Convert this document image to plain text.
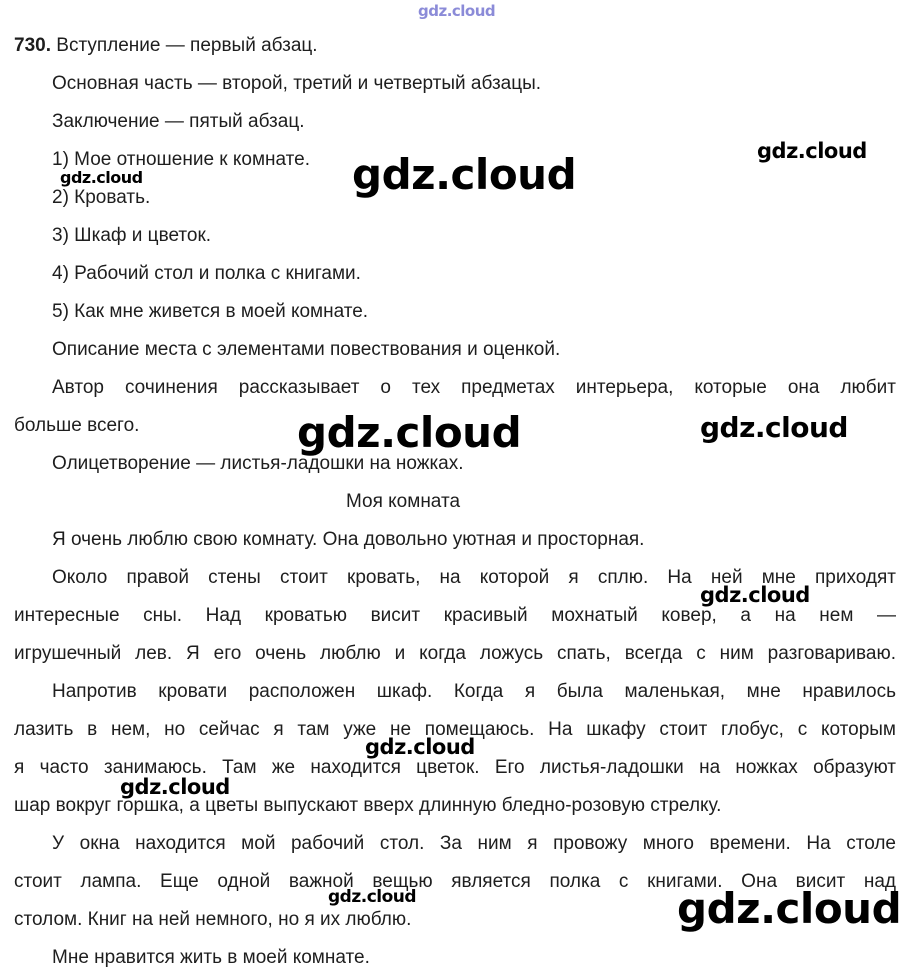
730. Вступление — первый абзац.

Основная часть — второй, третий и четвертый абзацы.

Заключение — пятый абзац.

1) Мое отношение к комнате.

2) Кровать.

3) Шкаф и цветок.

4) Рабочий стол и полка с книгами.

5) Как мне живется в моей комнате.

Описание места с элементами повествования и оценкой.

Автор сочинения рассказывает о тех предметах интерьера, которые она любит

больше всего.

Олицетворение — листья-ладошки на ножках.

Моя комната

Я очень люблю свою комнату. Она довольно уютная и просторная.

Около правой стены стоит кровать, на которой я сплю. На ней мне приходят

интересные сны. Над кроватью висит красивый мохнатый ковер, а на нем —

игрушечный лев. Я его очень люблю и когда ложусь спать, всегда с ним разговариваю.

Напротив кровати расположен шкаф. Когда я была маленькая, мне нравилось

лазить в нем, но сейчас я там уже не помещаюсь. На шкафу стоит глобус, с которым

я часто занимаюсь. Там же находится цветок. Его листья-ладошки на ножках образуют

шар вокруг горшка, а цветы выпускают вверх длинную бледно-розовую стрелку.

У окна находится мой рабочий стол. За ним я провожу много времени. На столе

стоит лампа. Еще одной важной вещью является полка с книгами. Она висит над

столом. Книг на ней немного, но я их люблю.

Мне нравится жить в моей комнате.

gdz.cloud
gdz.cloud	gdz.cloud
gdz.cloud
gdz.cloud	gdz.cloud
gdz.cloud
gdz.cloud
gdz.cloud
gdz.cloud	gdz.cloud
